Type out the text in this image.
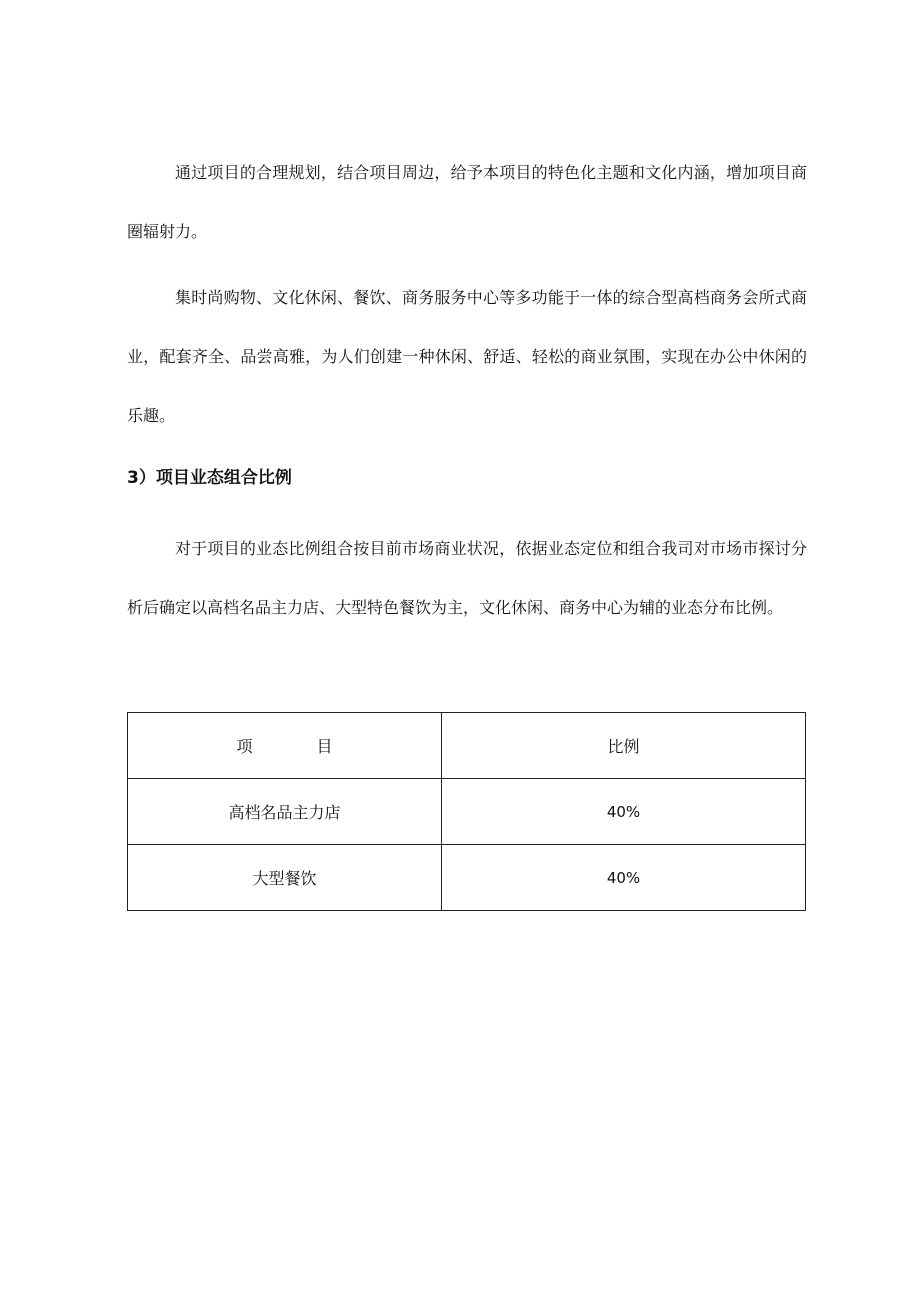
通过项目的合理规划，结合项目周边，给予本项目的特色化主题和文化内涵，增加项目商圈辐射力。

集时尚购物、文化休闲、餐饮、商务服务中心等多功能于一体的综合型高档商务会所式商业，配套齐全、品尝高雅，为人们创建一种休闲、舒适、轻松的商业氛围，实现在办公中休闲的乐趣。

3）项目业态组合比例

对于项目的业态比例组合按目前市场商业状况，依据业态定位和组合我司对市场市探讨分析后确定以高档名品主力店、大型特色餐饮为主，文化休闲、商务中心为辅的业态分布比例。

项　　　　目	比例
高档名品主力店	40%
大型餐饮	40%
